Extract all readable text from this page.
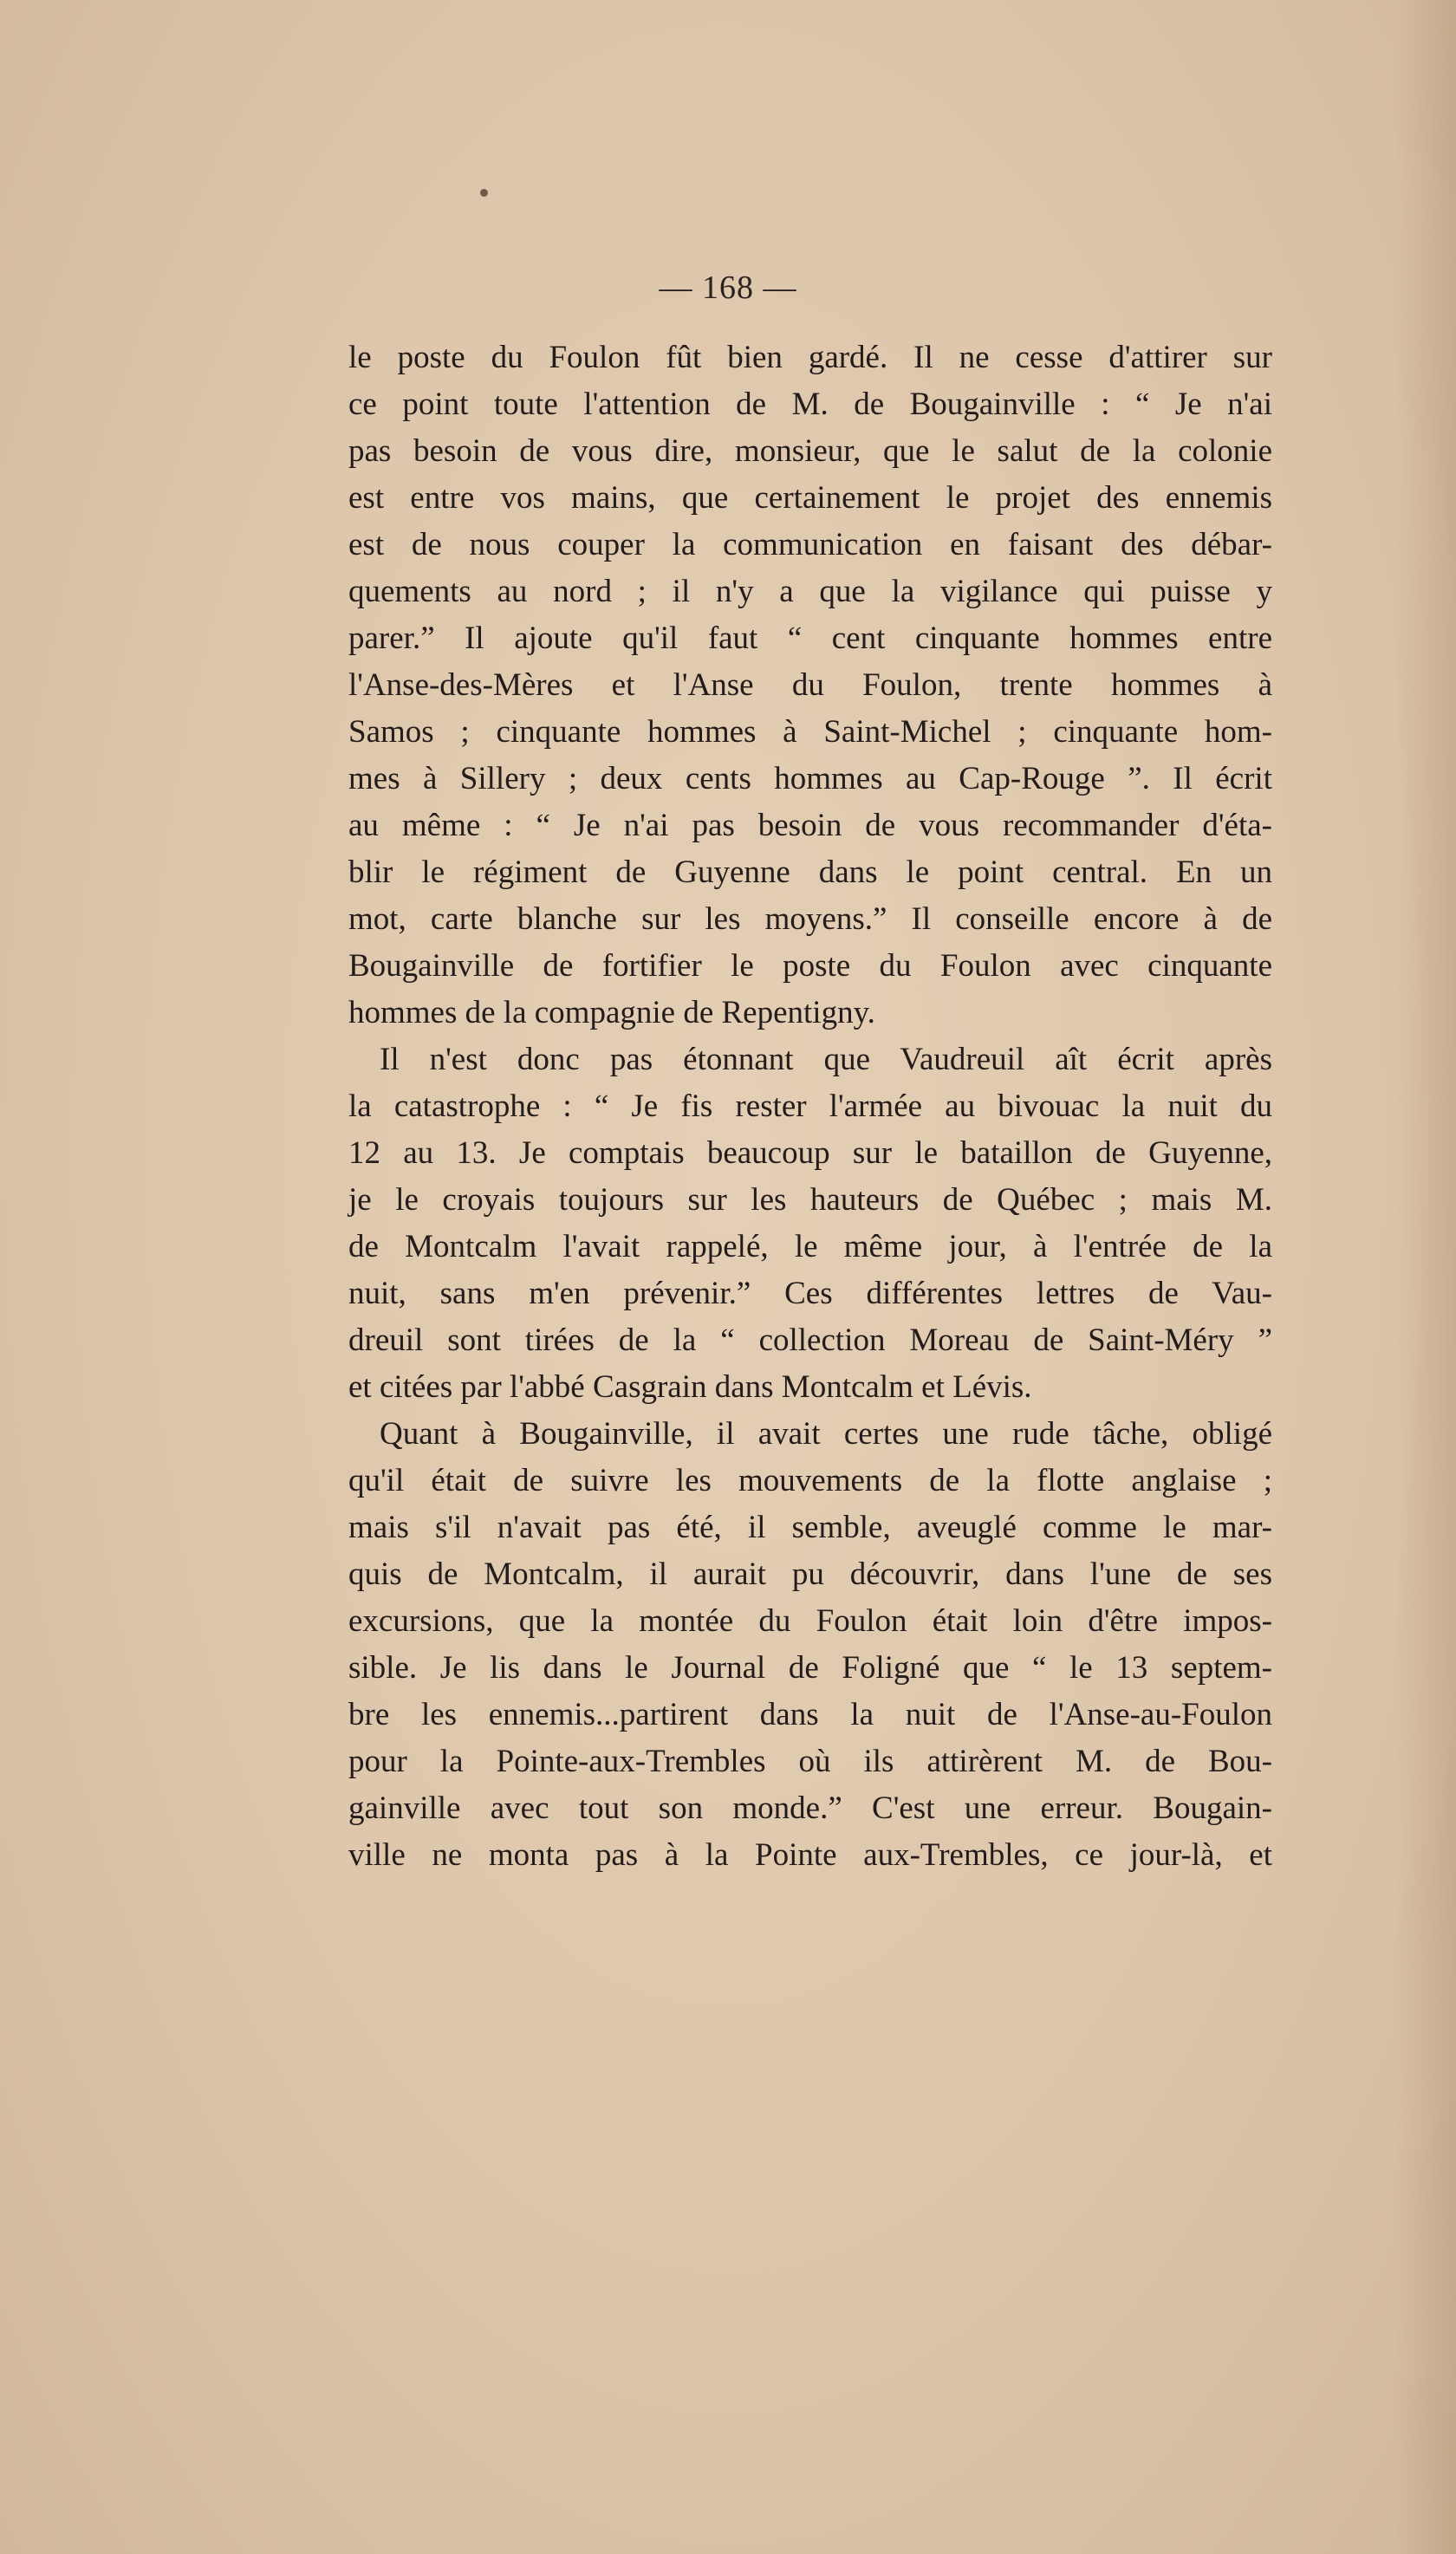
— 168 —
le poste du Foulon fût bien gardé. Il ne cesse d'attirer sur
ce point toute l'attention de M. de Bougainville : “ Je n'ai
pas besoin de vous dire, monsieur, que le salut de la colonie
est entre vos mains, que certainement le projet des ennemis
est de nous couper la communication en faisant des débar-
quements au nord ; il n'y a que la vigilance qui puisse y
parer.” Il ajoute qu'il faut “ cent cinquante hommes entre
l'Anse-des-Mères et l'Anse du Foulon, trente hommes à
Samos ; cinquante hommes à Saint-Michel ; cinquante hom-
mes à Sillery ; deux cents hommes au Cap-Rouge ”. Il écrit
au même : “ Je n'ai pas besoin de vous recommander d'éta-
blir le régiment de Guyenne dans le point central. En un
mot, carte blanche sur les moyens.” Il conseille encore à de
Bougainville de fortifier le poste du Foulon avec cinquante
hommes de la compagnie de Repentigny.
Il n'est donc pas étonnant que Vaudreuil aît écrit après
la catastrophe : “ Je fis rester l'armée au bivouac la nuit du
12 au 13. Je comptais beaucoup sur le bataillon de Guyenne,
je le croyais toujours sur les hauteurs de Québec ; mais M.
de Montcalm l'avait rappelé, le même jour, à l'entrée de la
nuit, sans m'en prévenir.” Ces différentes lettres de Vau-
dreuil sont tirées de la “ collection Moreau de Saint-Méry ”
et citées par l'abbé Casgrain dans Montcalm et Lévis.
Quant à Bougainville, il avait certes une rude tâche, obligé
qu'il était de suivre les mouvements de la flotte anglaise ;
mais s'il n'avait pas été, il semble, aveuglé comme le mar-
quis de Montcalm, il aurait pu découvrir, dans l'une de ses
excursions, que la montée du Foulon était loin d'être impos-
sible. Je lis dans le Journal de Foligné que “ le 13 septem-
bre les ennemis...partirent dans la nuit de l'Anse-au-Foulon
pour la Pointe-aux-Trembles où ils attirèrent M. de Bou-
gainville avec tout son monde.” C'est une erreur. Bougain-
ville ne monta pas à la Pointe aux-Trembles, ce jour-là, et
